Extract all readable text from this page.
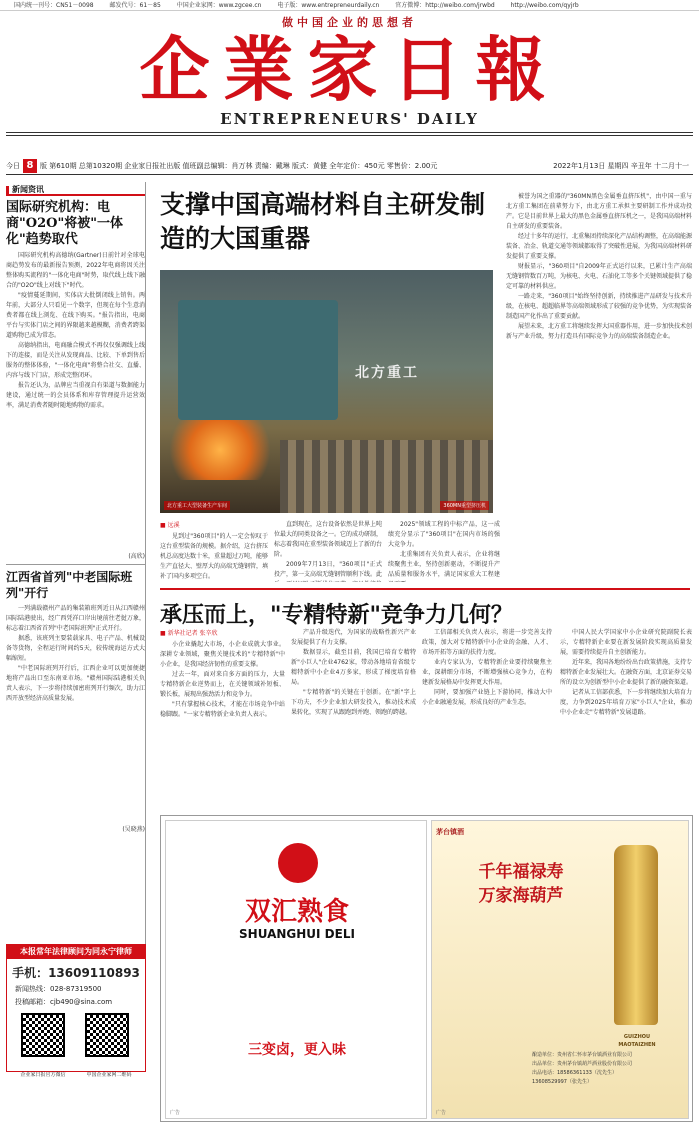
国内统一刊号：CN51－0098	邮发代号：61－85	中国企业家网：www.zgcee.cn	电子版：www.entrepreneurdaily.cn	官方微博：http://weibo.com/jrwbd	http://weibo.com/qyjrb
做中国企业的思想者
企業家日報
ENTREPRENEURS' DAILY
今日 8 版 第610期 总第10320期 企业家日报社出版 值班副总编辑：肖万林 责编：戴琳 版式：黄健 全年定价：450元 零售价：2.00元	2022年1月13日 星期四 辛丑年 十二月十一
新闻资讯
国际研究机构：电商"O2O"将被"一体化"趋势取代

国际研究机构高德纳(Gartner)日前针对全球电商趋势发布的最新报告预测，2022年电商将因关注整体购买流程的"一体化电商"时势，取代线上线下融合的"O2O"线上对线下"时代。

"疫情蔓延期间，实体店大批倒闭线上销售。两年前，大部分人只看见一个数字，但现在每个生意消费者都在线上浏览、在线下购买。"报告指出，电商平台与实体门店之间的界限越来越模糊，消费者跨渠道购物已成为常态。

高德纳指出，电商融合模式不再仅仅强调线上线下的连接，而是关注从发现商品、比较、下单到售后服务的整体体验，"一体化电商"将整合社交、直播、内容与线下门店，形成完整闭环。

报告还认为，品牌应当重视自有渠道与数据能力建设，通过统一的会员体系和库存管理提升运营效率，满足消费者随时随地购物的需求。

(高欣)
江西省首列"中老国际班列"开行

一列满载赣州产品的集装箱班列近日从江西赣州国际陆港驶出，经广西凭祥口岸出境前往老挝万象，标志着江西省首列"中老国际班列"正式开行。

据悉，该班列主要装载家具、电子产品、机械设备等货物，全程运行时间约5天，较传统海运方式大幅缩短。

"中老国际班列开行后，江西企业可以更加便捷地将产品出口至东南亚市场。"赣州国际陆港相关负责人表示，下一步将持续加密班列开行频次，助力江西开放型经济高质量发展。

(吴晓燕)
本报常年法律顾问为同永宁律师
手机：13609110893
新闻热线：028-87319500
投稿邮箱：cjb490@sina.com
企业家日报官方微信	中国企业家网二维码
支撑中国高端材料自主研发制造的大国重器
北方重工
北方重工大型装备生产车间	360MN重型挤压机

被誉为国之重器的"360MN黑色金属垂直挤压机"，由中国一重与北方重工集团在前辈努力下，由北方重工承担主要研制工作并成功投产。它是目前世界上最大的黑色金属垂直挤压机之一，是我国高端材料自主研发的重要装备。

经过十多年的运行，北重集团持续深化产品结构调整，在高端能源装备、冶金、轨道交通等领域都取得了突破性进展，为我国高端材料研发提供了重要支撑。

财报显示，"360项目"自2009年正式运行以来，已累计生产高端无缝钢管数百万吨，为核电、火电、石油化工等多个关键领域提供了稳定可靠的材料供应。

一路走来，"360项目"始终坚持创新，持续推进产品研发与技术升级，在核电、超超临界等高端领域形成了较强的竞争优势，为实现装备制造国产化作出了重要贡献。

展望未来，北方重工将继续发挥大国重器作用，进一步加快技术创新与产业升级，努力打造具有国际竞争力的高端装备制造企业。

■ 远溪

见到过"360项目"的人一定会惊叹于这台重型装备的规模。据介绍，这台挤压机总高度达数十米，重量超过万吨，能够生产直径大、壁厚大的高端无缝钢管，填补了国内多项空白。

直到现在，这台设备依然是世界上吨位最大的同类设备之一。它的成功研制，标志着我国在重型装备领域迈上了新的台阶。

2009年7月13日，"360项目"正式投产，第一支高端无缝钢管顺利下线。此

2025"领域工程的中标产品，这一成绩充分显示了"360项目"在国内市场的强大竞争力。

北重集团有关负责人表示，企业将继续聚焦主业，坚持创新驱动，不断提升产品质量和服务水平，满足国家重大工程建

承压而上，"专精特新"竞争力几何？
■ 新华社记者 张辛欣

小企业撬起大市场，小企业成就大事业。深耕专业领域，聚焦关键技术的"专精特新"中小企业，是我国经济韧性的重要支撑。

过去一年，面对来自多方面的压力，大量专精特新企业逆势而上，在关键领域补短板、锻长板，展现出强劲活力和竞争力。

"只有掌握核心技术，才能在市场竞争中站稳脚跟。"一家专精特新企业负责人表示。

产品升级迭代，为国家的战略性新兴产业发展提供了有力支撑。

数据显示，截至目前，我国已培育专精特新"小巨人"企业4762家，带动各地培育省级专精特新中小企业4万多家，形成了梯度培育格局。

"专精特新"的关键在于创新。在"新"字上下功夫，不少企业加大研发投入，推动技术成果转化，实现了从跟跑到并跑、领跑的跨越。

工信部相关负责人表示，将进一步完善支持政策，加大对专精特新中小企业的金融、人才、市场开拓等方面的扶持力度。

业内专家认为，专精特新企业要持续聚焦主业，深耕细分市场，不断增强核心竞争力，在构建新发展格局中发挥更大作用。

同时，要加强产业链上下游协同，推动大中小企业融通发展，形成良好的产业生态。

中国人民大学国家中小企业研究院副院长表示，专精特新企业要在新发展阶段实现高质量发展，需要持续提升自主创新能力。

近年来，我国各地纷纷出台政策措施，支持专精特新企业发展壮大。在融资方面，北京证券交易所的设立为创新型中小企业提供了新的融资渠道。

记者从工信部获悉，下一步将继续加大培育力度，力争到2025年培育万家"小巨人"企业，推动中小企业走"专精特新"发展道路。

双汇熟食
SHUANGHUI DELI
三变卤，更入味
广告
茅台镇酒
千年福禄寿
万家海葫芦
GUIZHOU MAOTAIZHEN
酿造单位：贵州省仁怀市茅台镇酒业有限公司
出品单位：贵州茅台镇葫芦酒业股份有限公司
出品电话：18586361133（沈先生）
13608529997（张先生）
广告
